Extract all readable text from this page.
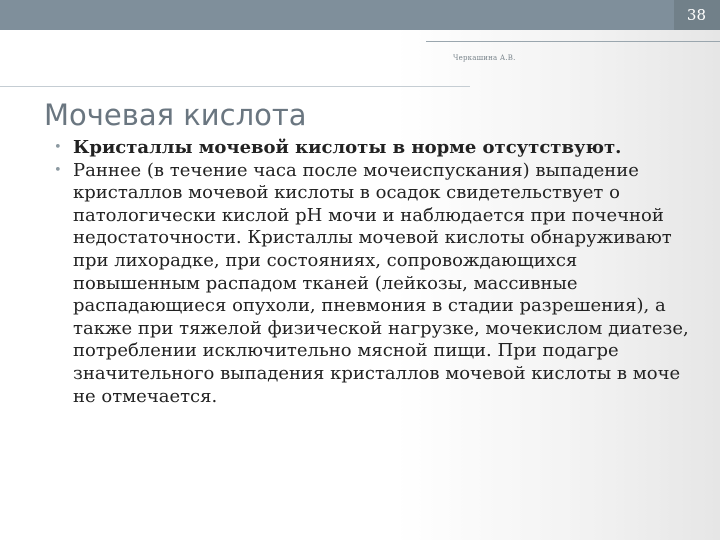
38
Черкашина А.В.
Мочевая кислота
• Кристаллы мочевой кислоты в норме отсутствуют.
• Раннее (в течение часа после мочеиспускания) выпадение кристаллов мочевой кислоты в осадок свидетельствует о патологически кислой рН мочи и наблюдается при почечной недостаточности. Кристаллы мочевой кислоты обнаруживают при лихорадке, при состояниях, сопровождающихся повышенным распадом тканей (лейкозы, массивные распадающиеся опухоли, пневмония в стадии разрешения), а также при тяжелой физической нагрузке, мочекислом диатезе, потреблении исключительно мясной пищи. При подагре значительного выпадения кристаллов мочевой кислоты в моче не отмечается.
